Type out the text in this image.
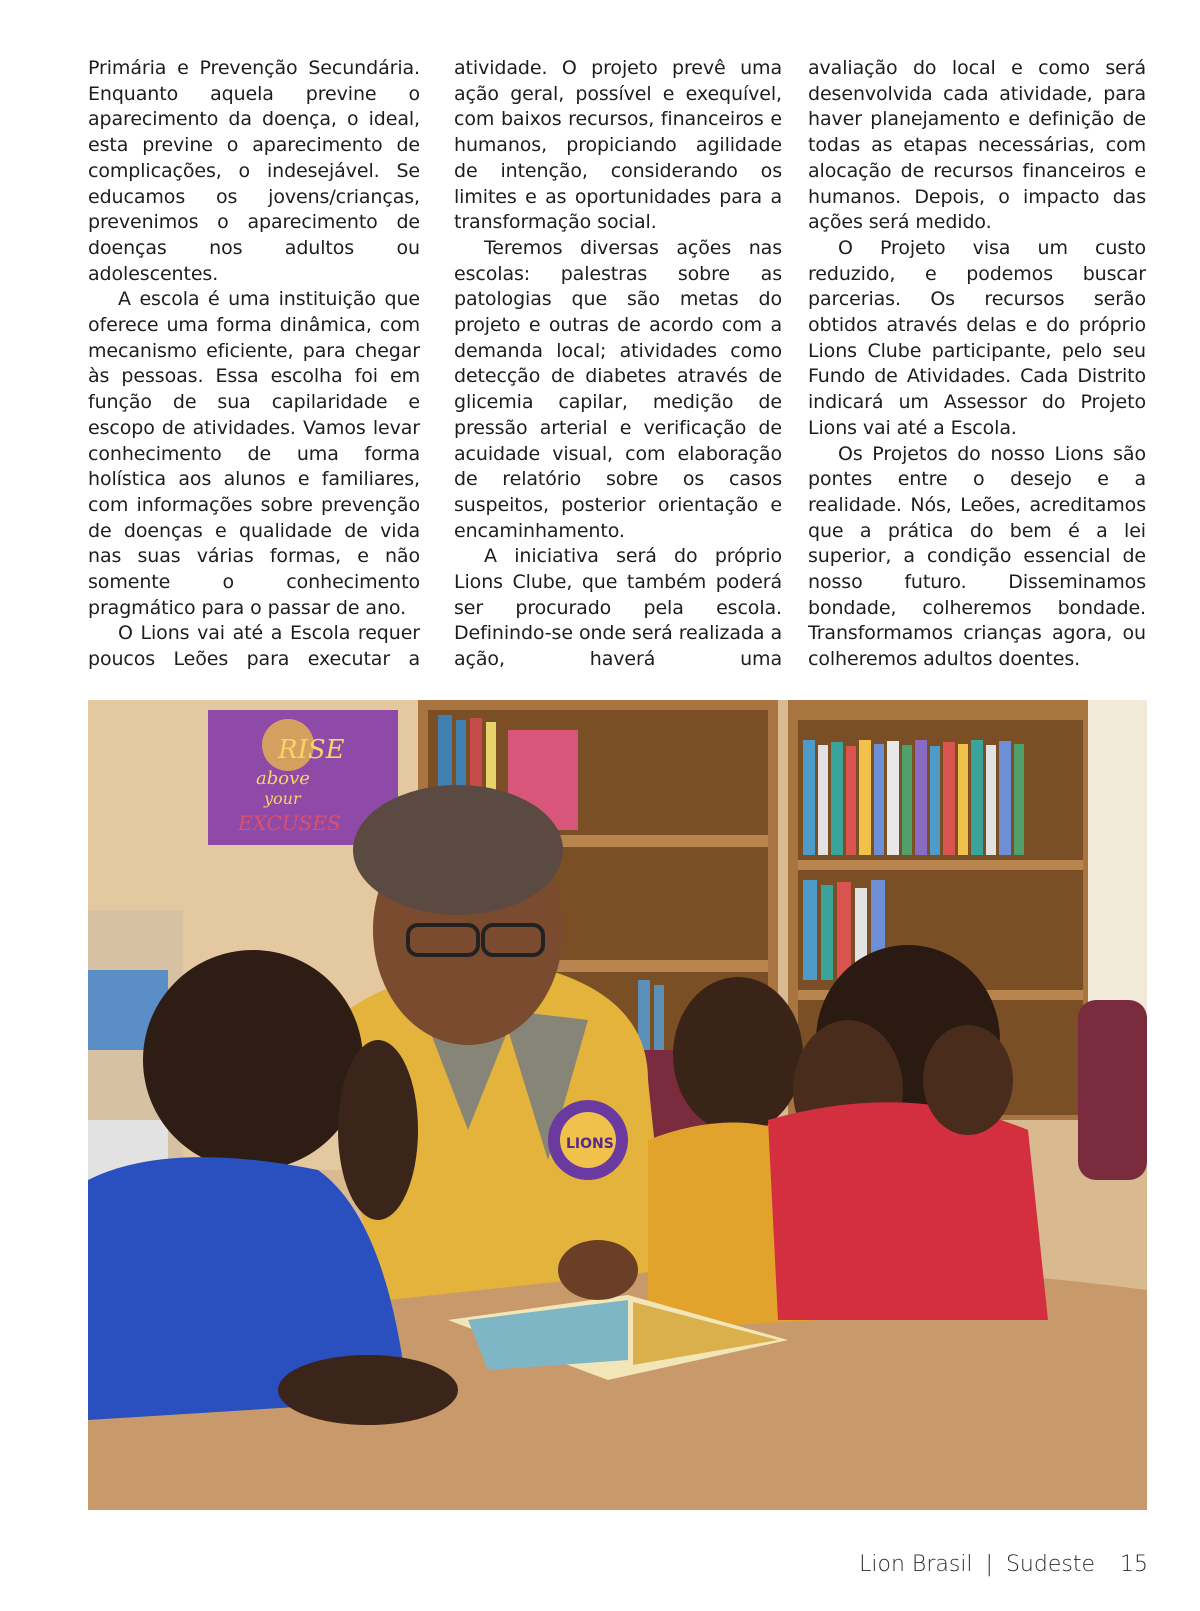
Primária e Prevenção Secundária. Enquanto aquela previne o aparecimento da doença, o ideal, esta previne o aparecimento de complicações, o indesejável. Se educamos os jovens/crianças, prevenimos o aparecimento de doenças nos adultos ou adolescentes.

A escola é uma instituição que oferece uma forma dinâmica, com mecanismo eficiente, para chegar às pessoas. Essa escolha foi em função de sua capilaridade e escopo de atividades. Vamos levar conhecimento de uma forma holística aos alunos e familiares, com informações sobre prevenção de doenças e qualidade de vida nas suas várias formas, e não somente o conhecimento pragmático para o passar de ano.

O Lions vai até a Escola requer poucos Leões para executar a

atividade. O projeto prevê uma ação geral, possível e exequível, com baixos recursos, financeiros e humanos, propiciando agilidade de intenção, considerando os limites e as oportunidades para a transformação social.

Teremos diversas ações nas escolas: palestras sobre as patologias que são metas do projeto e outras de acordo com a demanda local; atividades como detecção de diabetes através de glicemia capilar, medição de pressão arterial e verificação de acuidade visual, com elaboração de relatório sobre os casos suspeitos, posterior orientação e encaminhamento.

A iniciativa será do próprio Lions Clube, que também poderá ser procurado pela escola. Definindo-se onde será realizada a ação, haverá uma

avaliação do local e como será desenvolvida cada atividade, para haver planejamento e definição de todas as etapas necessárias, com alocação de recursos financeiros e humanos. Depois, o impacto das ações será medido.

O Projeto visa um custo reduzido, e podemos buscar parcerias. Os recursos serão obtidos através delas e do próprio Lions Clube participante, pelo seu Fundo de Atividades. Cada Distrito indicará um Assessor do Projeto Lions vai até a Escola.

Os Projetos do nosso Lions são pontes entre o desejo e a realidade. Nós, Leões, acreditamos que a prática do bem é a lei superior, a condição essencial de nosso futuro. Disseminamos bondade, colheremos bondade. Transformamos crianças agora, ou colheremos adultos doentes.

RISE
above
your
EXCUSES
LIONS
Lion Brasil | Sudeste 15
